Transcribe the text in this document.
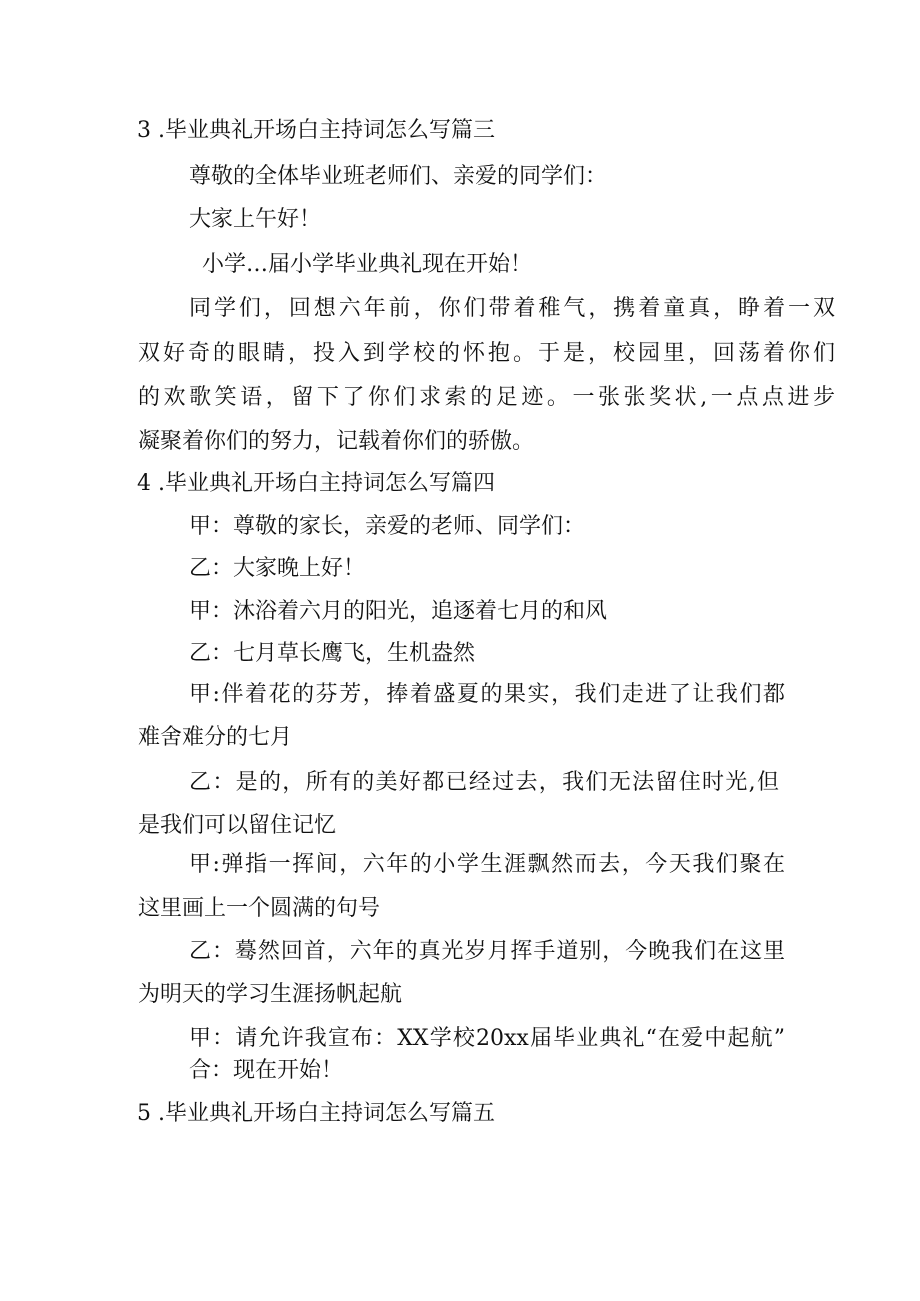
3 .毕业典礼开场白主持词怎么写篇三
尊敬的全体毕业班老师们、亲爱的同学们：
大家上午好！
小学…届小学毕业典礼现在开始！
同学们，回想六年前，你们带着稚气，携着童真，睁着一双
双好奇的眼睛，投入到学校的怀抱。于是，校园里，回荡着你们
的欢歌笑语，留下了你们求索的足迹。一张张奖状,一点点进步
凝聚着你们的努力，记载着你们的骄傲。
4 .毕业典礼开场白主持词怎么写篇四
甲：尊敬的家长，亲爱的老师、同学们：
乙：大家晚上好！
甲：沐浴着六月的阳光，追逐着七月的和风
乙：七月草长鹰飞，生机盎然
甲:伴着花的芬芳，捧着盛夏的果实，我们走进了让我们都
难舍难分的七月
乙：是的，所有的美好都已经过去，我们无法留住时光,但
是我们可以留住记忆
甲:弹指一挥间，六年的小学生涯飘然而去，今天我们聚在
这里画上一个圆满的句号
乙：蓦然回首，六年的真光岁月挥手道别，今晚我们在这里
为明天的学习生涯扬帆起航
甲：请允许我宣布：XX学校20xx届毕业典礼“在爱中起航”
合：现在开始！
5 .毕业典礼开场白主持词怎么写篇五
